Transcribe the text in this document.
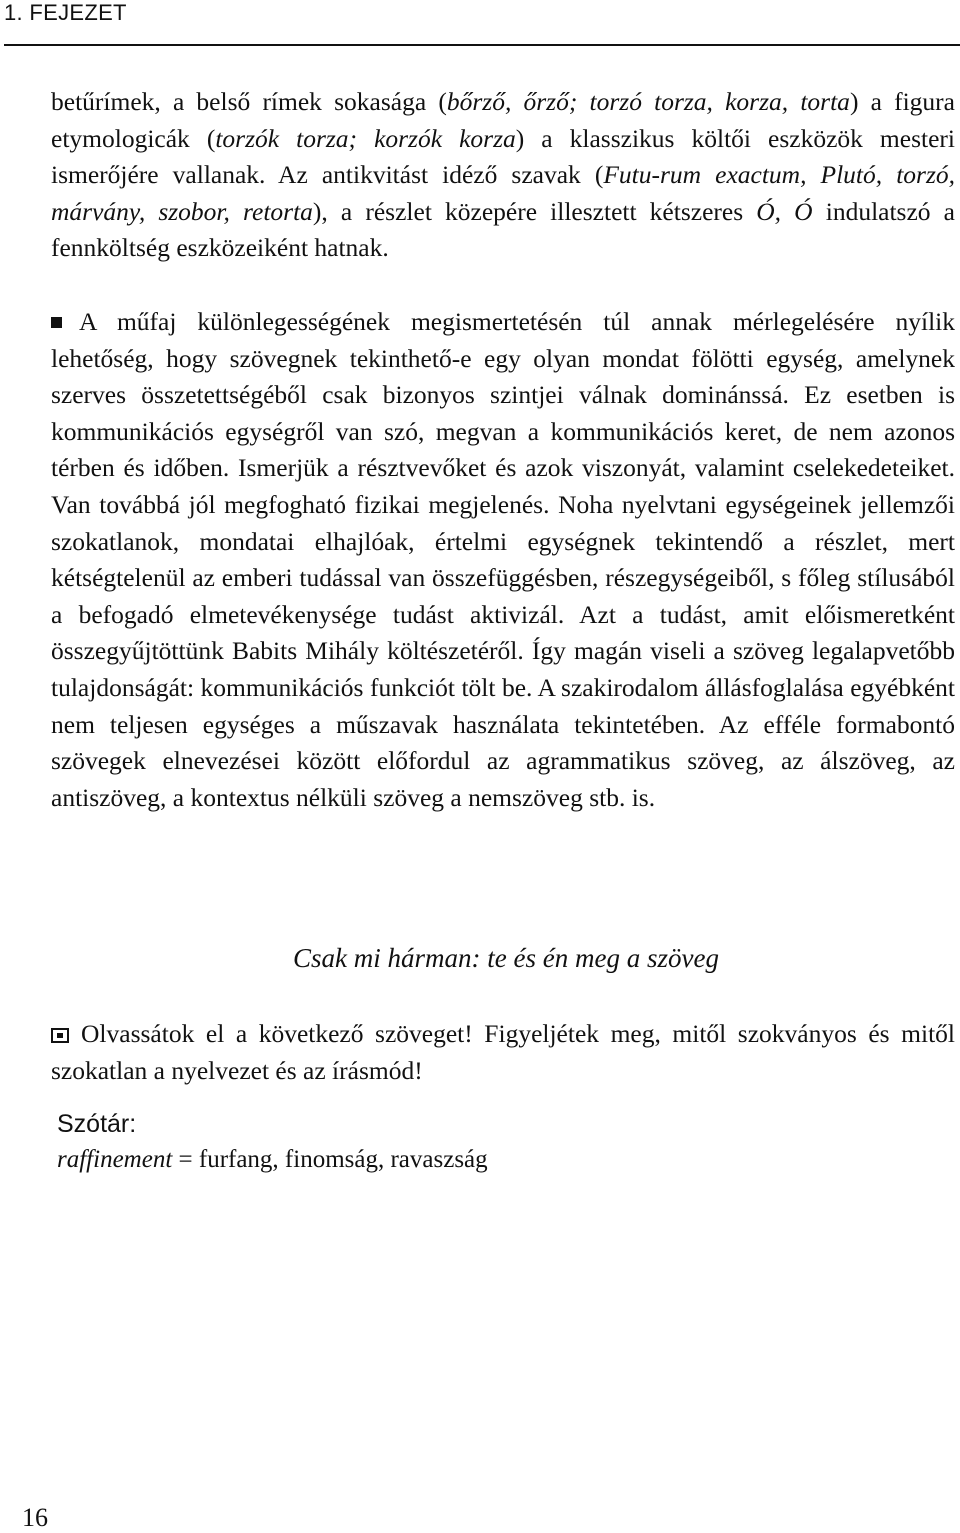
1. FEJEZET

betűrímek, a belső rímek sokasága (bőrző, őrző; torzó torza, korza, torta) a figura etymologicák (torzók torza; korzók korza) a klasszikus költői eszközök mesteri ismerőjére vallanak. Az antikvitást idéző szavak (Futu-rum exactum, Plutó, torzó, márvány, szobor, retorta), a részlet közepére illesztett kétszeres Ó, Ó indulatszó a fennköltség eszközeiként hatnak.

A műfaj különlegességének megismertetésén túl annak mérlegelésére nyílik lehetőség, hogy szövegnek tekinthető-e egy olyan mondat fölötti egység, amelynek szerves összetettségéből csak bizonyos szintjei válnak dominánssá. Ez esetben is kommunikációs egységről van szó, megvan a kommunikációs keret, de nem azonos térben és időben. Ismerjük a résztvevőket és azok viszonyát, valamint cselekedeteiket. Van továbbá jól megfogható fizikai megjelenés. Noha nyelvtani egységeinek jellemzői szokatlanok, mondatai elhajlóak, értelmi egységnek tekintendő a részlet, mert kétségtelenül az emberi tudással van összefüggésben, részegységeiből, s főleg stílusából a befogadó elmetevékenysége tudást aktivizál. Azt a tudást, amit előismeretként összegyűjtöttünk Babits Mihály költészetéről. Így magán viseli a szöveg legalapvetőbb tulajdonságát: kommunikációs funkciót tölt be. A szakirodalom állásfoglalása egyébként nem teljesen egységes a műszavak használata tekintetében. Az efféle formabontó szövegek elnevezései között előfordul az agrammatikus szöveg, az álszöveg, az antiszöveg, a kontextus nélküli szöveg a nemszöveg stb. is.

Csak mi hárman: te és én meg a szöveg

Olvassátok el a következő szöveget! Figyeljétek meg, mitől szokványos és mitől szokatlan a nyelvezet és az írásmód!

Szótár:
raffinement = furfang, finomság, ravaszság
16
